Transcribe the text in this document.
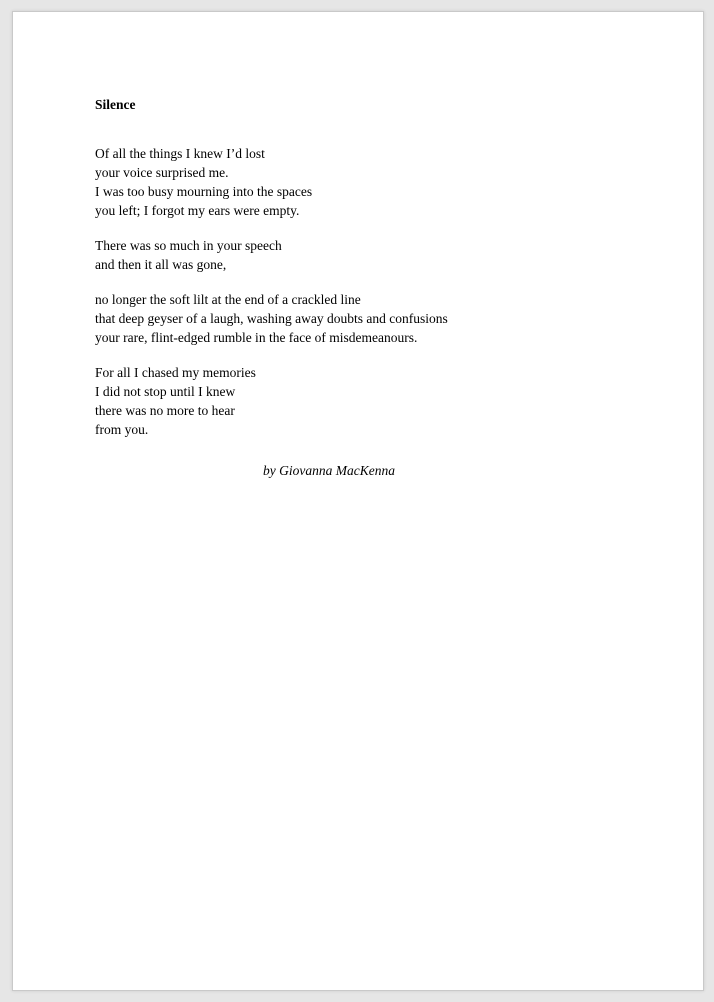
Silence
Of all the things I knew I’d lost
your voice surprised me.
I was too busy mourning into the spaces
you left; I forgot my ears were empty.
There was so much in your speech
and then it all was gone,
no longer the soft lilt at the end of a crackled line
that deep geyser of a laugh, washing away doubts and confusions
your rare, flint-edged rumble in the face of misdemeanours.
For all I chased my memories
I did not stop until I knew
there was no more to hear
from you.
by Giovanna MacKenna
